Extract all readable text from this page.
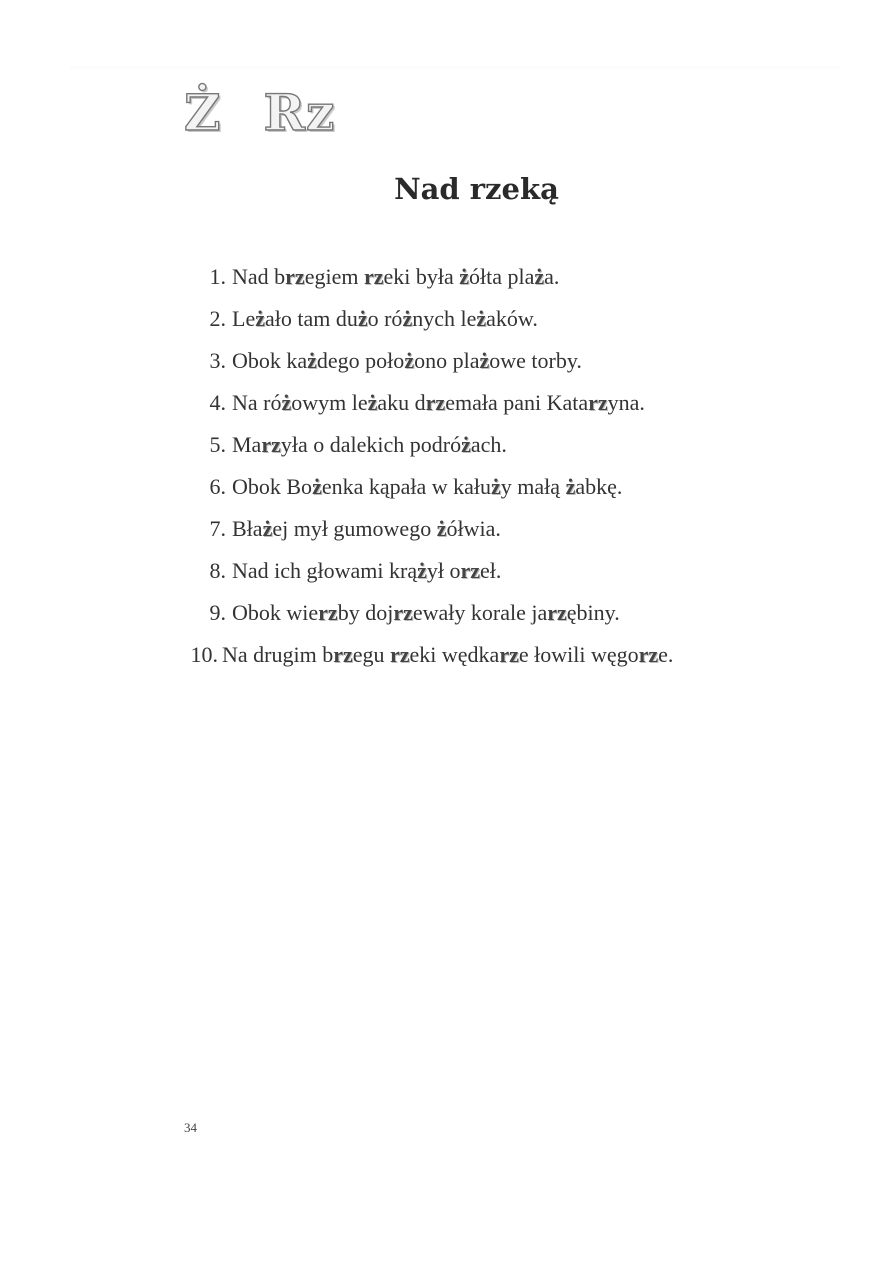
Ż Rz
Nad rzeką
1. Nad brzegiem rzeki była żółta plaża.
2. Leżało tam dużo różnych leżaków.
3. Obok każdego położono plażowe torby.
4. Na różowym leżaku drzemała pani Katarzyna.
5. Marzyła o dalekich podróżach.
6. Obok Bożenka kąpała w kałuży małą żabkę.
7. Błażej mył gumowego żółwia.
8. Nad ich głowami krążył orzeł.
9. Obok wierzby dojrzewały korale jarzębiny.
10. Na drugim brzegu rzeki wędkarze łowili węgorze.
34
